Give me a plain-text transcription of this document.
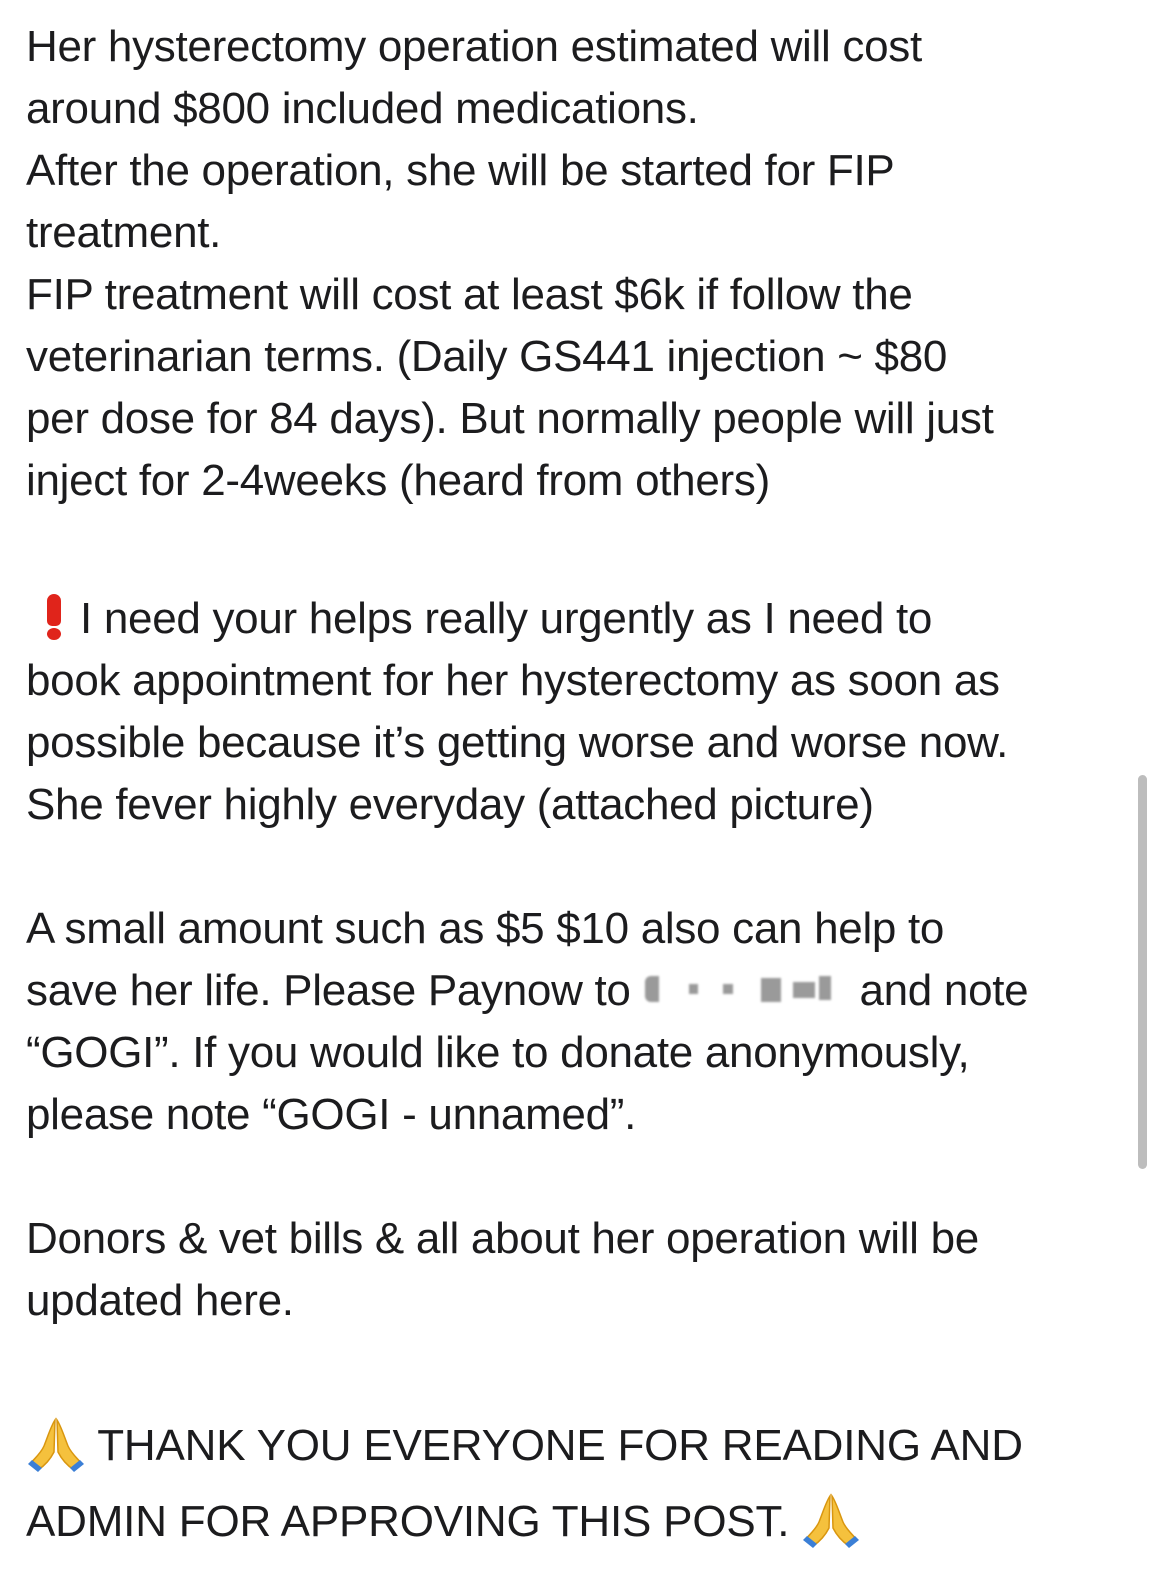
Her hysterectomy operation estimated will cost
around $800 included medications.
After the operation, she will be started for FIP
treatment.
FIP treatment will cost at least $6k if follow the
veterinarian terms. (Daily GS441 injection ~ $80
per dose for 84 days). But normally people will just
inject for 2-4weeks (heard from others)
I need your helps really urgently as I need to
book appointment for her hysterectomy as soon as
possible because it’s getting worse and worse now.
She fever highly everyday (attached picture)
A small amount such as $5 $10 also can help to
save her life. Please Paynow to	and note
“GOGI”. If you would like to donate anonymously,
please note “GOGI - unnamed”.
Donors & vet bills & all about her operation will be
updated here.
THANK YOU EVERYONE FOR READING AND
ADMIN FOR APPROVING THIS POST.
